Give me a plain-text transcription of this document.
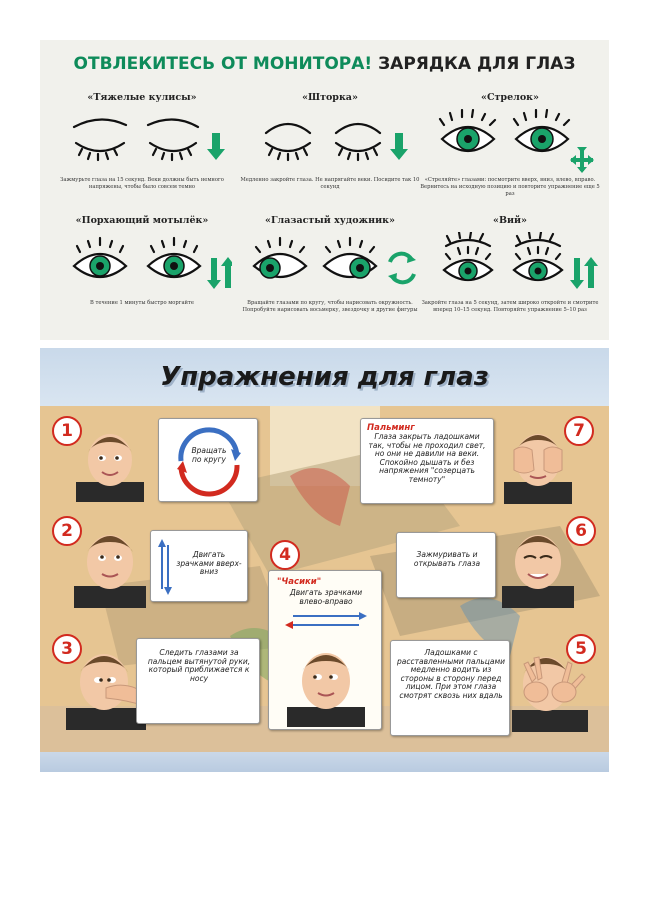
ОТВЛЕКИТЕСЬ ОТ МОНИТОРА! ЗАРЯДКА ДЛЯ ГЛАЗ
«Тяжелые кулисы»
Зажмурьте глаза на 15 секунд. Веки должны быть немного напряжены, чтобы было совсем темно
«Шторка»
Медленно закройте глаза. Не напрягайте веки. Посидите так 10 секунд
«Стрелок»
«Стреляйте» глазами: посмотрите вверх, вниз, влево, вправо. Вернитесь на исходную позицию и повторите упражнение еще 5 раз
«Порхающий мотылёк»
В течение 1 минуты быстро моргайте
«Глазастый художник»
Вращайте глазами по кругу, чтобы нарисовать окружность. Попробуйте нарисовать восьмерку, звездочку и другие фигуры
«Вий»
Закройте глаза на 5 секунд, затем широко откройте и смотрите вперед 10–15 секунд. Повторяйте упражнение 5–10 раз
Упражнения для глаз
1
Вращать по кругу
7
Пальминг
Глаза закрыть ладошками так, чтобы не проходил свет, но они не давили на веки. Спокойно дышать и без напряжения "созерцать темноту"
2
Двигать зрачками вверх-вниз
4
"Часики"
Двигать зрачками влево-вправо
Зажмуривать и открывать глаза
6
3	Следить глазами за пальцем вытянутой руки, который приближается к носу
Ладошками с расставленными пальцами медленно водить из стороны в сторону перед лицом. При этом глаза смотрят сквозь них вдаль
5
